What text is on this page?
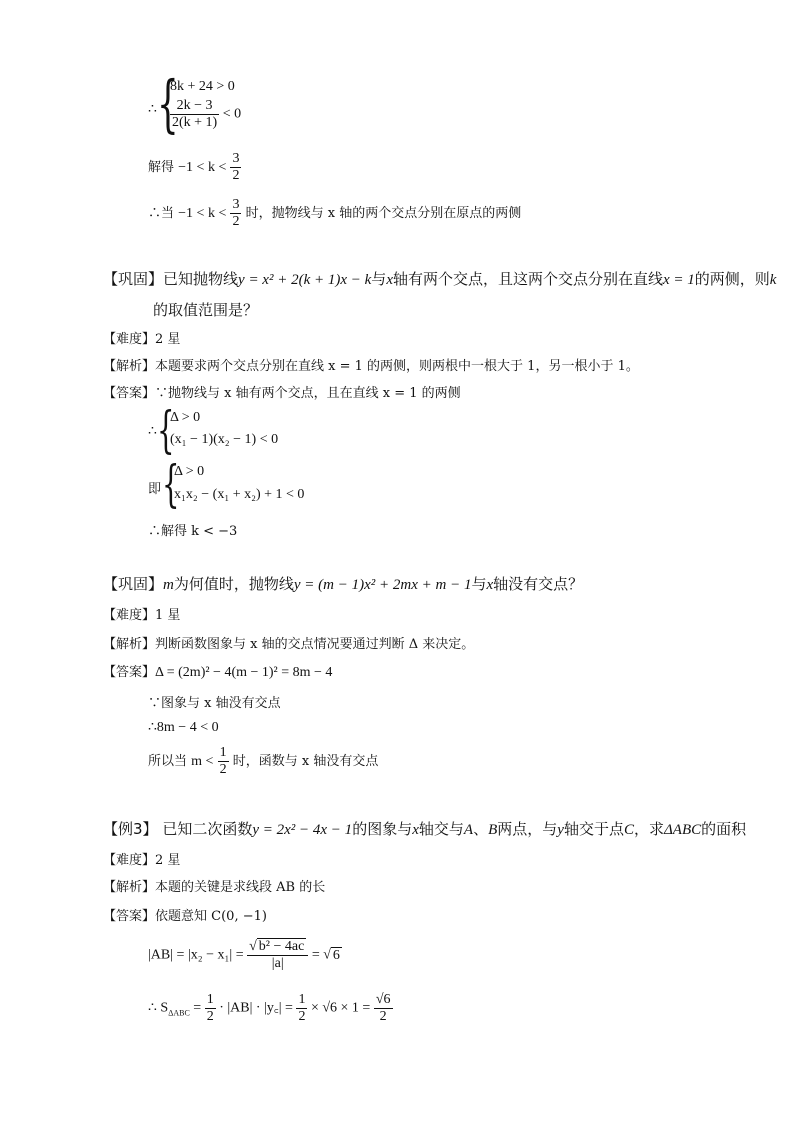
∴ {
8k + 24 > 0
$\frac{2k - 3}{2(k + 1)} < 0$
解得 $-1 < k < \frac{3}{2}$
∴当 $-1 < k < \frac{3}{2}$ 时，抛物线与 x 轴的两个交点分别在原点的两侧
【巩固】已知抛物线y = x² + 2(k + 1)x − k与x轴有两个交点，且这两个交点分别在直线x = 1的两侧，则k
的取值范围是？
【难度】2 星
【解析】本题要求两个交点分别在直线 x = 1 的两侧，则两根中一根大于 1，另一根小于 1。
【答案】∵抛物线与 x 轴有两个交点，且在直线 x = 1 的两侧
∴ {
Δ > 0
(x₁ − 1)(x₂ − 1) < 0
即 {
Δ > 0
x₁x₂ − (x₁ + x₂) + 1 < 0
∴解得 k < −3
【巩固】m为何值时，抛物线y = (m − 1)x² + 2mx + m − 1与x轴没有交点？
【难度】1 星
【解析】判断函数图象与 x 轴的交点情况要通过判断 Δ 来决定。
【答案】Δ = (2m)² − 4(m − 1)² = 8m − 4
∵图象与 x 轴没有交点
∴8m − 4 < 0
所以当 $m < \frac{1}{2}$ 时，函数与 x 轴没有交点
【例3】 已知二次函数y = 2x² − 4x − 1的图象与x轴交与A、B两点，与y轴交于点C，求ΔABC的面积
【难度】2 星
【解析】本题的关键是求线段 AB 的长
【答案】依题意知 C(0, −1)
$|AB| = |x_2 - x_1| = \frac{\text{√ b² − 4ac}}{|a|}$ = √ 6
∴ $S_{\Delta ABC} = \frac{1}{2} \cdot |AB|$ · |y꜀| = $\frac{1}{2} \times √6 \times 1 = \frac{√6}{2}$
